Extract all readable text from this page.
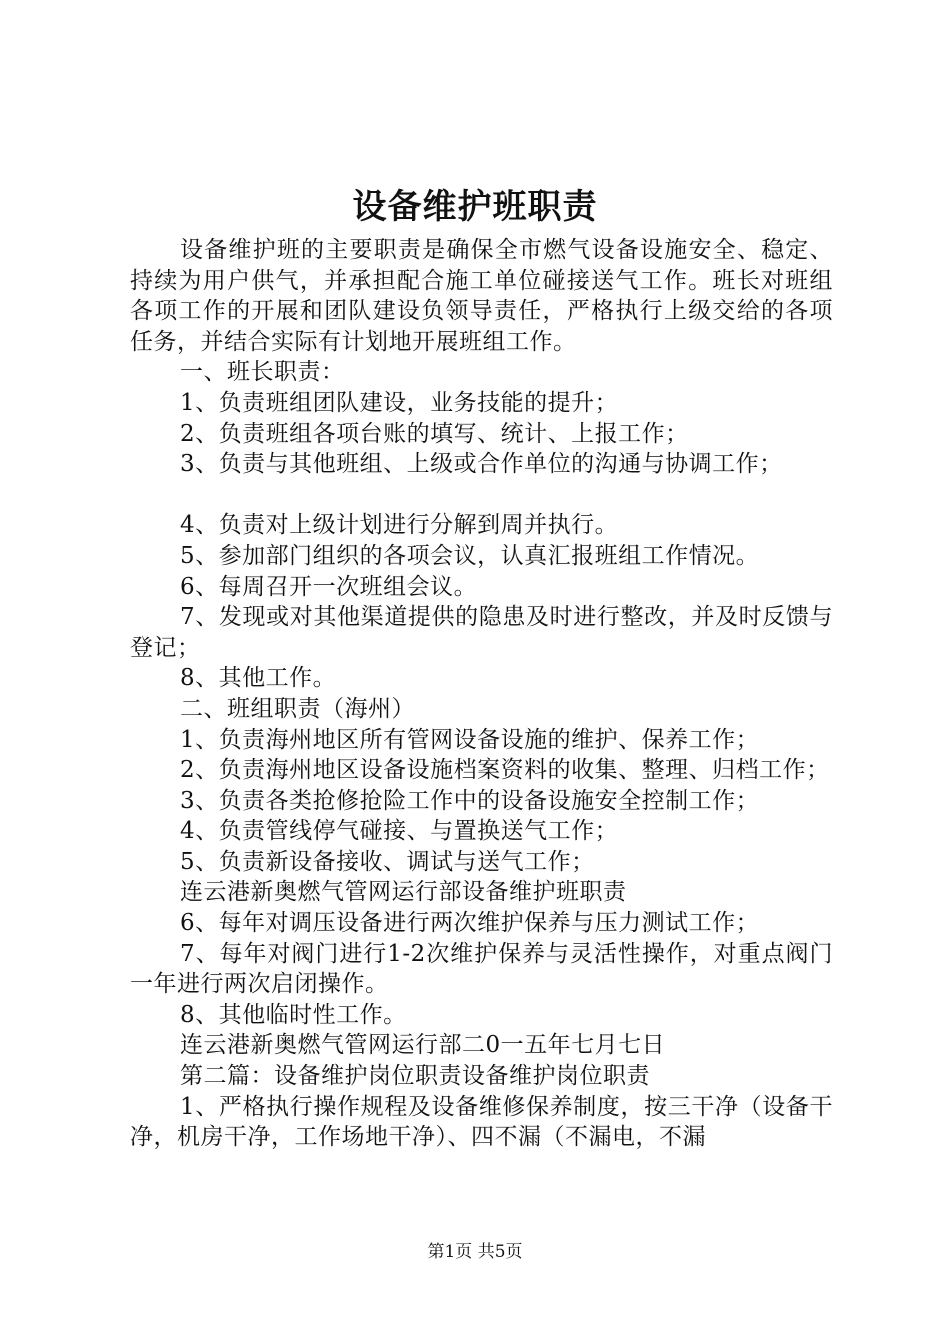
设备维护班职责

设备维护班的主要职责是确保全市燃气设备设施安全、稳定、持续为用户供气，并承担配合施工单位碰接送气工作。班长对班组各项工作的开展和团队建设负领导责任，严格执行上级交给的各项任务，并结合实际有计划地开展班组工作。

一、班长职责：

1、负责班组团队建设，业务技能的提升；

2、负责班组各项台账的填写、统计、上报工作；

3、负责与其他班组、上级或合作单位的沟通与协调工作；

4、负责对上级计划进行分解到周并执行。

5、参加部门组织的各项会议，认真汇报班组工作情况。

6、每周召开一次班组会议。

7、发现或对其他渠道提供的隐患及时进行整改，并及时反馈与登记；

8、其他工作。

二、班组职责（海州）

1、负责海州地区所有管网设备设施的维护、保养工作；

2、负责海州地区设备设施档案资料的收集、整理、归档工作；

3、负责各类抢修抢险工作中的设备设施安全控制工作；

4、负责管线停气碰接、与置换送气工作；

5、负责新设备接收、调试与送气工作；

连云港新奥燃气管网运行部设备维护班职责

6、每年对调压设备进行两次维护保养与压力测试工作；

7、每年对阀门进行1-2次维护保养与灵活性操作，对重点阀门一年进行两次启闭操作。

8、其他临时性工作。

连云港新奥燃气管网运行部二0一五年七月七日

第二篇：设备维护岗位职责设备维护岗位职责

1、严格执行操作规程及设备维修保养制度，按三干净（设备干净，机房干净，工作场地干净）、四不漏（不漏电，不漏

第1页 共5页
